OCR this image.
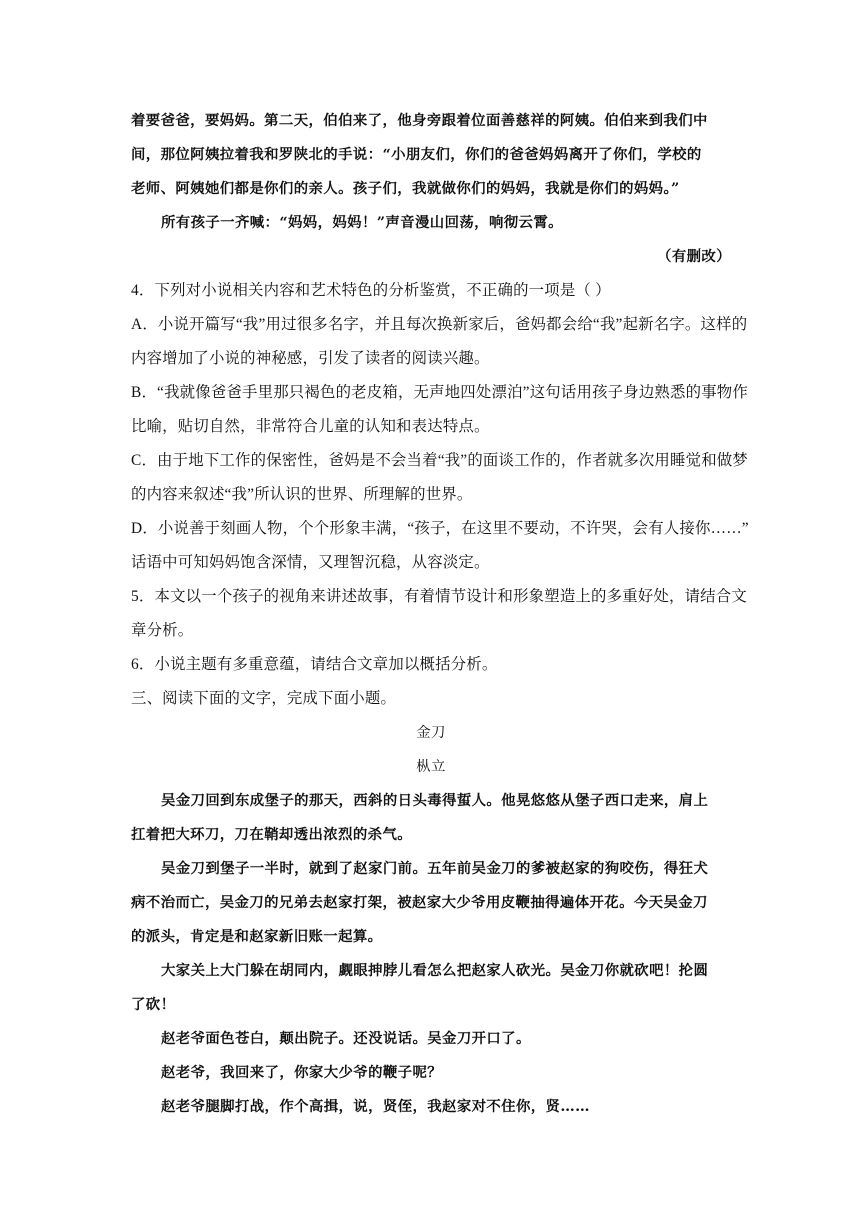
着要爸爸，要妈妈。第二天，伯伯来了，他身旁跟着位面善慈祥的阿姨。伯伯来到我们中
间，那位阿姨拉着我和罗陕北的手说：“小朋友们，你们的爸爸妈妈离开了你们，学校的
老师、阿姨她们都是你们的亲人。孩子们，我就做你们的妈妈，我就是你们的妈妈。”
所有孩子一齐喊：“妈妈，妈妈！”声音漫山回荡，响彻云霄。
（有删改）
4．下列对小说相关内容和艺术特色的分析鉴赏，不正确的一项是（ ）
A．小说开篇写“我”用过很多名字，并且每次换新家后，爸妈都会给“我”起新名字。这样的
内容增加了小说的神秘感，引发了读者的阅读兴趣。
B．“我就像爸爸手里那只褐色的老皮箱，无声地四处漂泊”这句话用孩子身边熟悉的事物作
比喻，贴切自然，非常符合儿童的认知和表达特点。
C．由于地下工作的保密性，爸妈是不会当着“我”的面谈工作的，作者就多次用睡觉和做梦
的内容来叙述“我”所认识的世界、所理解的世界。
D．小说善于刻画人物，个个形象丰满，“孩子，在这里不要动，不许哭，会有人接你……”
话语中可知妈妈饱含深情，又理智沉稳，从容淡定。
5．本文以一个孩子的视角来讲述故事，有着情节设计和形象塑造上的多重好处，请结合文
章分析。
6．小说主题有多重意蕴，请结合文章加以概括分析。
三、阅读下面的文字，完成下面小题。
金刀
枞立
吴金刀回到东成堡子的那天，西斜的日头毒得蜇人。他晃悠悠从堡子西口走来，肩上
扛着把大环刀，刀在鞘却透出浓烈的杀气。
吴金刀到堡子一半时，就到了赵家门前。五年前吴金刀的爹被赵家的狗咬伤，得狂犬
病不治而亡，吴金刀的兄弟去赵家打架，被赵家大少爷用皮鞭抽得遍体开花。今天吴金刀
的派头，肯定是和赵家新旧账一起算。
大家关上大门躲在胡同内，觑眼抻脖儿看怎么把赵家人砍光。吴金刀你就砍吧！抡圆
了砍！
赵老爷面色苍白，颠出院子。还没说话。吴金刀开口了。
赵老爷，我回来了，你家大少爷的鞭子呢？
赵老爷腿脚打战，作个高揖，说，贤侄，我赵家对不住你，贤……
